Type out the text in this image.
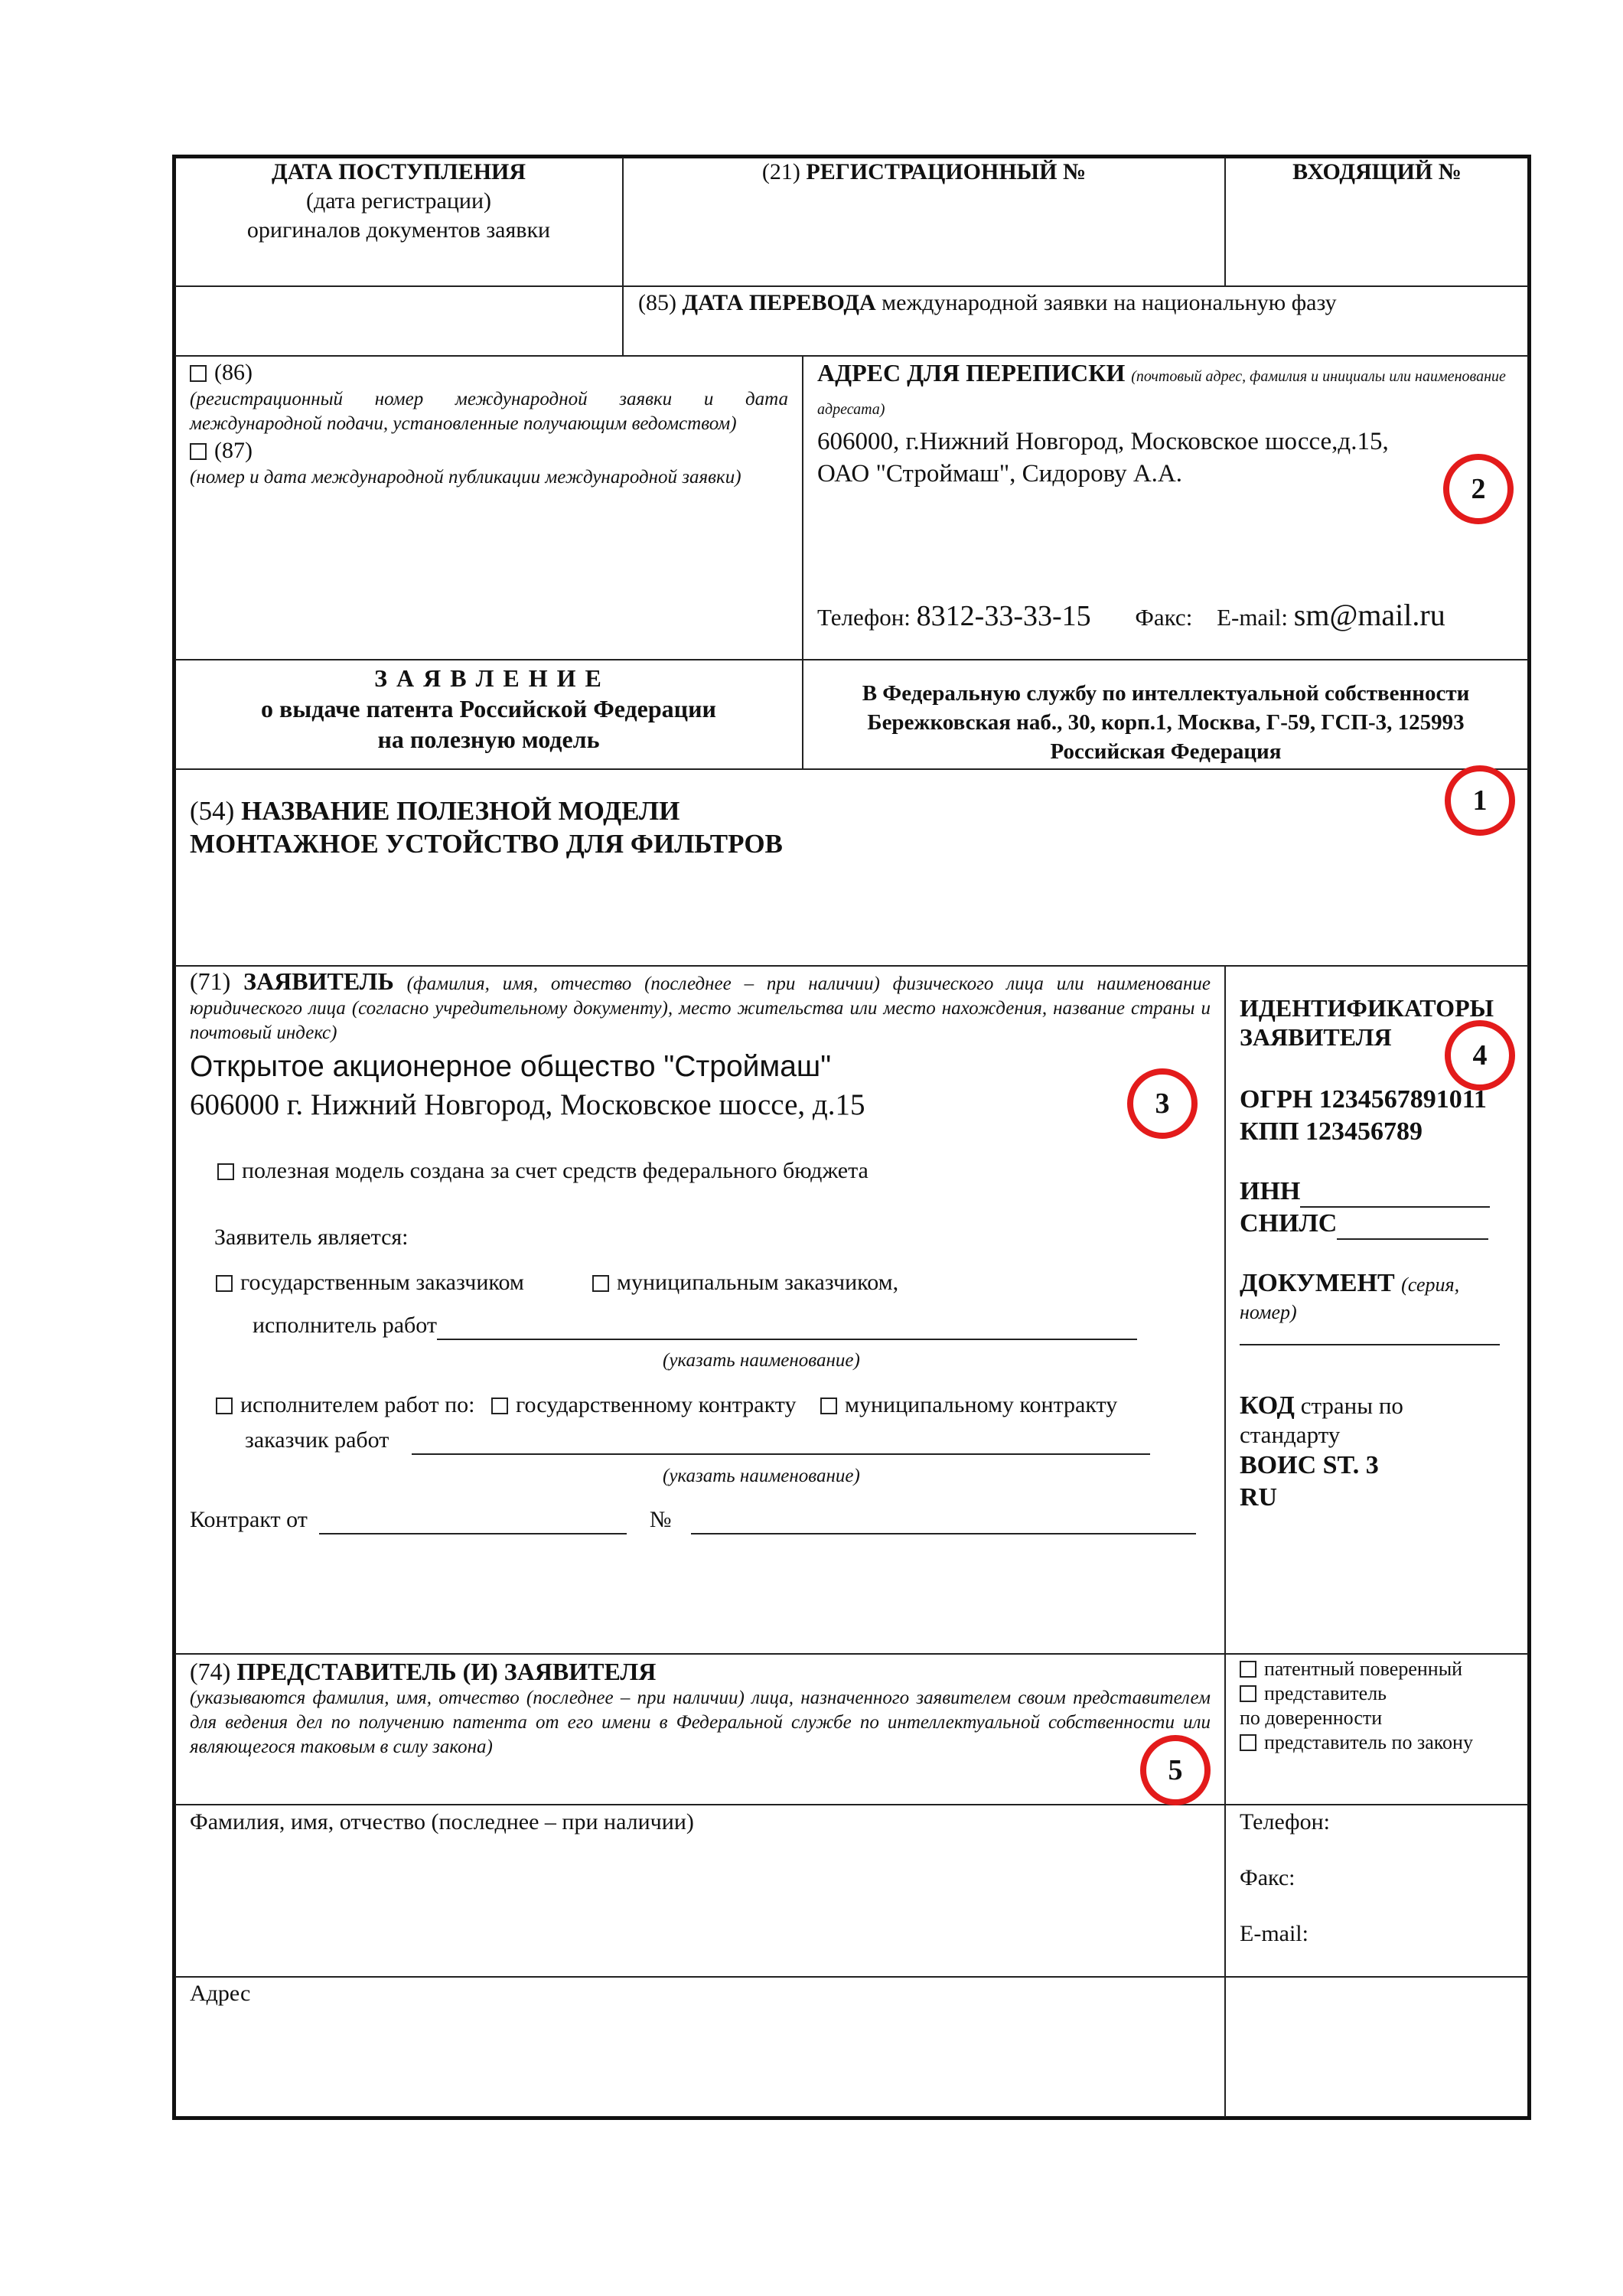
ДАТА ПОСТУПЛЕНИЯ
(дата регистрации)
оригиналов документов заявки
(21) РЕГИСТРАЦИОННЫЙ №	ВХОДЯЩИЙ №
(85) ДАТА ПЕРЕВОДА международной заявки на национальную фазу
(86)
(регистрационный номер международной заявки и дата международной подачи, установленные получающим ведомством)
(87)
(номер и дата международной публикации международной заявки)
АДРЕС ДЛЯ ПЕРЕПИСКИ (почтовый адрес, фамилия и инициалы или наименование адресата)
606000, г.Нижний Новгород, Московское шоссе,д.15,
ОАО "Строймаш", Сидорову А.А.
Телефон: 8312-33-33-15 Факс: E-mail: sm@mail.ru
З А Я В Л Е Н И Е
о выдаче патента Российской Федерации
на полезную модель
В Федеральную службу по интеллектуальной собственности
Бережковская наб., 30, корп.1, Москва, Г-59, ГСП-3, 125993
Российская Федерация
(54) НАЗВАНИЕ ПОЛЕЗНОЙ МОДЕЛИ
МОНТАЖНОЕ УСТОЙСТВО ДЛЯ ФИЛЬТРОВ
(71) ЗАЯВИТЕЛЬ (фамилия, имя, отчество (последнее – при наличии) физического лица или наименование юридического лица (согласно учредительному документу), место жительства или место нахождения, название страны и почтовый индекс)
Открытое акционерное общество "Строймаш"
606000 г. Нижний Новгород, Московское шоссе, д.15
полезная модель создана за счет средств федерального бюджета
Заявитель является:
государственным заказчиком	муниципальным заказчиком,
исполнитель работ
(указать наименование)
исполнителем работ по: государственному контракту муниципальному контракту
заказчик работ
(указать наименование)
Контракт от	№
ИДЕНТИФИКАТОРЫ
ЗАЯВИТЕЛЯ
ОГРН 1234567891011
КПП 123456789
ИНН
СНИЛС
ДОКУМЕНТ (серия,
номер)
КОД страны по
стандарту
ВОИС ST. 3
RU
(74) ПРЕДСТАВИТЕЛЬ (И) ЗАЯВИТЕЛЯ
(указываются фамилия, имя, отчество (последнее – при наличии) лица, назначенного заявителем своим представителем для ведения дел по получению патента от его имени в Федеральной службе по интеллектуальной собственности или являющегося таковым в силу закона)
патентный поверенный
представитель
по доверенности
представитель по закону
Фамилия, имя, отчество (последнее – при наличии)	Телефон:
Факс:
E-mail:
Адрес
1
2
3
4
5
